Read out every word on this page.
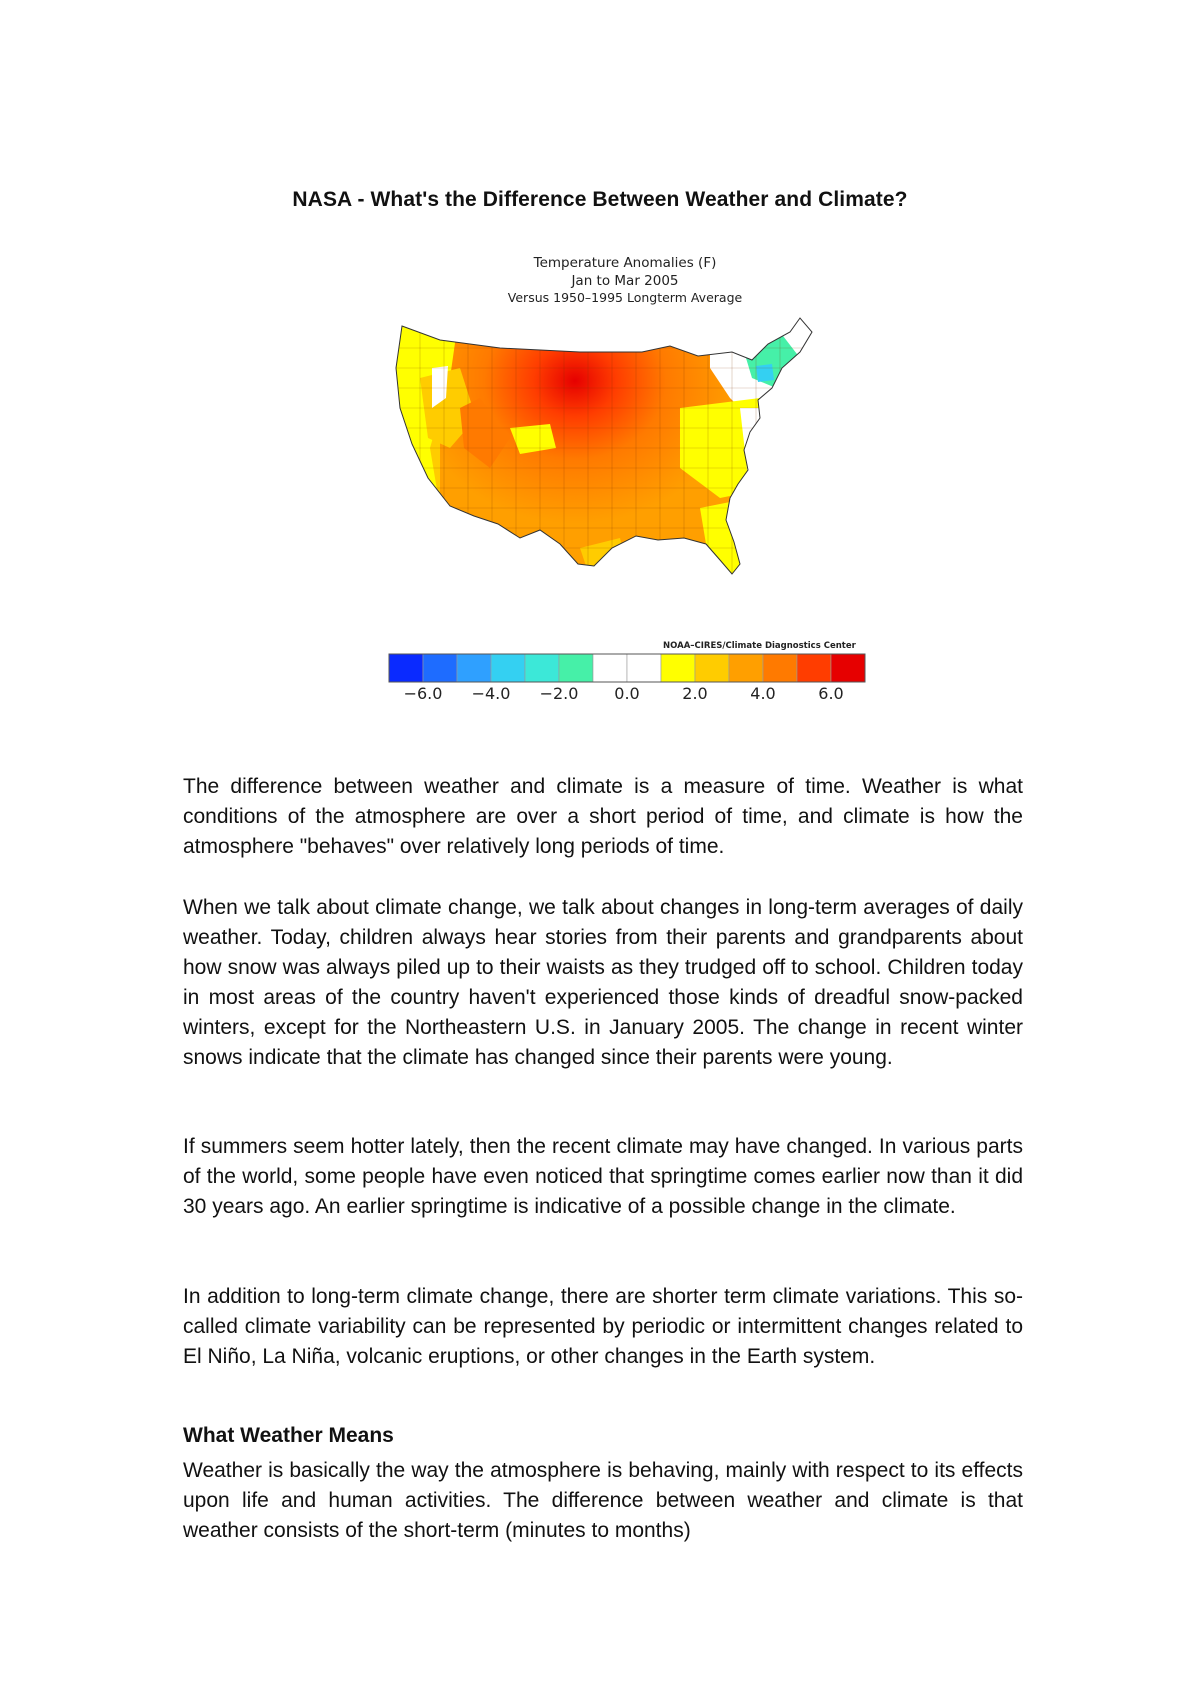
NASA - What's the Difference Between Weather and Climate?
Temperature Anomalies (F)
Jan to Mar 2005
Versus 1950–1995 Longterm Average
NOAA–CIRES/Climate Diagnostics Center
−6.0 −4.0 −2.0 0.0	2.0	4.0	6.0

The difference between weather and climate is a measure of time. Weather is what conditions of the atmosphere are over a short period of time, and climate is how the atmosphere "behaves" over relatively long periods of time.

When we talk about climate change, we talk about changes in long-term averages of daily weather. Today, children always hear stories from their parents and grandparents about how snow was always piled up to their waists as they trudged off to school. Children today in most areas of the country haven't experienced those kinds of dreadful snow-packed winters, except for the Northeastern U.S. in January 2005. The change in recent winter snows indicate that the climate has changed since their parents were young.

If summers seem hotter lately, then the recent climate may have changed. In various parts of the world, some people have even noticed that springtime comes earlier now than it did 30 years ago. An earlier springtime is indicative of a possible change in the climate.

In addition to long-term climate change, there are shorter term climate variations. This so-called climate variability can be represented by periodic or intermittent changes related to El Niño, La Niña, volcanic eruptions, or other changes in the Earth system.

What Weather Means

Weather is basically the way the atmosphere is behaving, mainly with respect to its effects upon life and human activities. The difference between weather and climate is that weather consists of the short-term (minutes to months)
